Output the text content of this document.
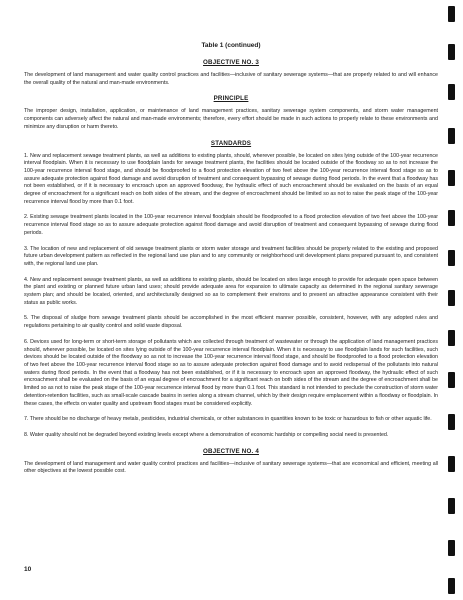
Table 1 (continued)
OBJECTIVE NO. 3

The development of land management and water quality control practices and facilities—inclusive of sanitary sewerage systems—that are properly related to and will enhance the overall quality of the natural and man-made environments.

PRINCIPLE

The improper design, installation, application, or maintenance of land management practices, sanitary sewerage system components, and storm water management components can adversely affect the natural and man-made environments; therefore, every effort should be made in such actions to properly relate to these environments and minimize any disruption or harm thereto.

STANDARDS

1. New and replacement sewage treatment plants, as well as additions to existing plants, should, wherever possible, be located on sites lying outside of the 100-year recurrence interval floodplain. When it is necessary to use floodplain lands for sewage treatment plants, the facilities should be located outside of the floodway so as to not increase the 100-year recurrence interval flood stage, and should be floodproofed to a flood protection elevation of two feet above the 100-year recurrence interval flood stage so as to assure adequate protection against flood damage and avoid disruption of treatment and consequent bypassing of sewage during flood periods. In the event that a floodway has not been established, or if it is necessary to encroach upon an approved floodway, the hydraulic effect of such encroachment should be evaluated on the basis of an equal degree of encroachment for a significant reach on both sides of the stream, and the degree of encroachment should be limited so as not to raise the peak stage of the 100-year recurrence interval flood by more than 0.1 foot.

2. Existing sewage treatment plants located in the 100-year recurrence interval floodplain should be floodproofed to a flood protection elevation of two feet above the 100-year recurrence interval flood stage so as to assure adequate protection against flood damage and avoid disruption of treatment and consequent bypassing of sewage during flood periods.

3. The location of new and replacement of old sewage treatment plants or storm water storage and treatment facilities should be properly related to the existing and proposed future urban development pattern as reflected in the regional land use plan and to any community or neighborhood unit development plans prepared pursuant to, and consistent with, the regional land use plan.

4. New and replacement sewage treatment plants, as well as additions to existing plants, should be located on sites large enough to provide for adequate open space between the plant and existing or planned future urban land uses; should provide adequate area for expansion to ultimate capacity as determined in the regional sanitary sewerage system plan; and should be located, oriented, and architecturally designed so as to complement their environs and to present an attractive appearance consistent with their status as public works.

5. The disposal of sludge from sewage treatment plants should be accomplished in the most efficient manner possible, consistent, however, with any adopted rules and regulations pertaining to air quality control and solid waste disposal.

6. Devices used for long-term or short-term storage of pollutants which are collected through treatment of wastewater or through the application of land management practices should, wherever possible, be located on sites lying outside of the 100-year recurrence interval floodplain. When it is necessary to use floodplain lands for such facilities, such devices should be located outside of the floodway so as not to increase the 100-year recurrence interval flood stage, and should be floodproofed to a flood protection elevation of two feet above the 100-year recurrence interval flood stage so as to assure adequate protection against flood damage and to avoid redispersal of the pollutants into natural waters during flood periods. In the event that a floodway has not been established, or if it is necessary to encroach upon an approved floodway, the hydraulic effect of such encroachment shall be evaluated on the basis of an equal degree of encroachment for a significant reach on both sides of the stream and the degree of encroachment shall be limited so as not to raise the peak stage of the 100-year recurrence interval flood by more than 0.1 foot. This standard is not intended to preclude the construction of storm water detention-retention facilities, such as small-scale cascade basins in series along a stream channel, which by their design require emplacement within a floodway or floodplain. In these cases, the effects on water quality and upstream flood stages must be considered explicitly.

7. There should be no discharge of heavy metals, pesticides, industrial chemicals, or other substances in quantities known to be toxic or hazardous to fish or other aquatic life.

8. Water quality should not be degraded beyond existing levels except where a demonstration of economic hardship or compelling social need is presented.

OBJECTIVE NO. 4

The development of land management and water quality control practices and facilities—inclusive of sanitary sewerage systems—that are economical and efficient, meeting all other objectives at the lowest possible cost.

10
